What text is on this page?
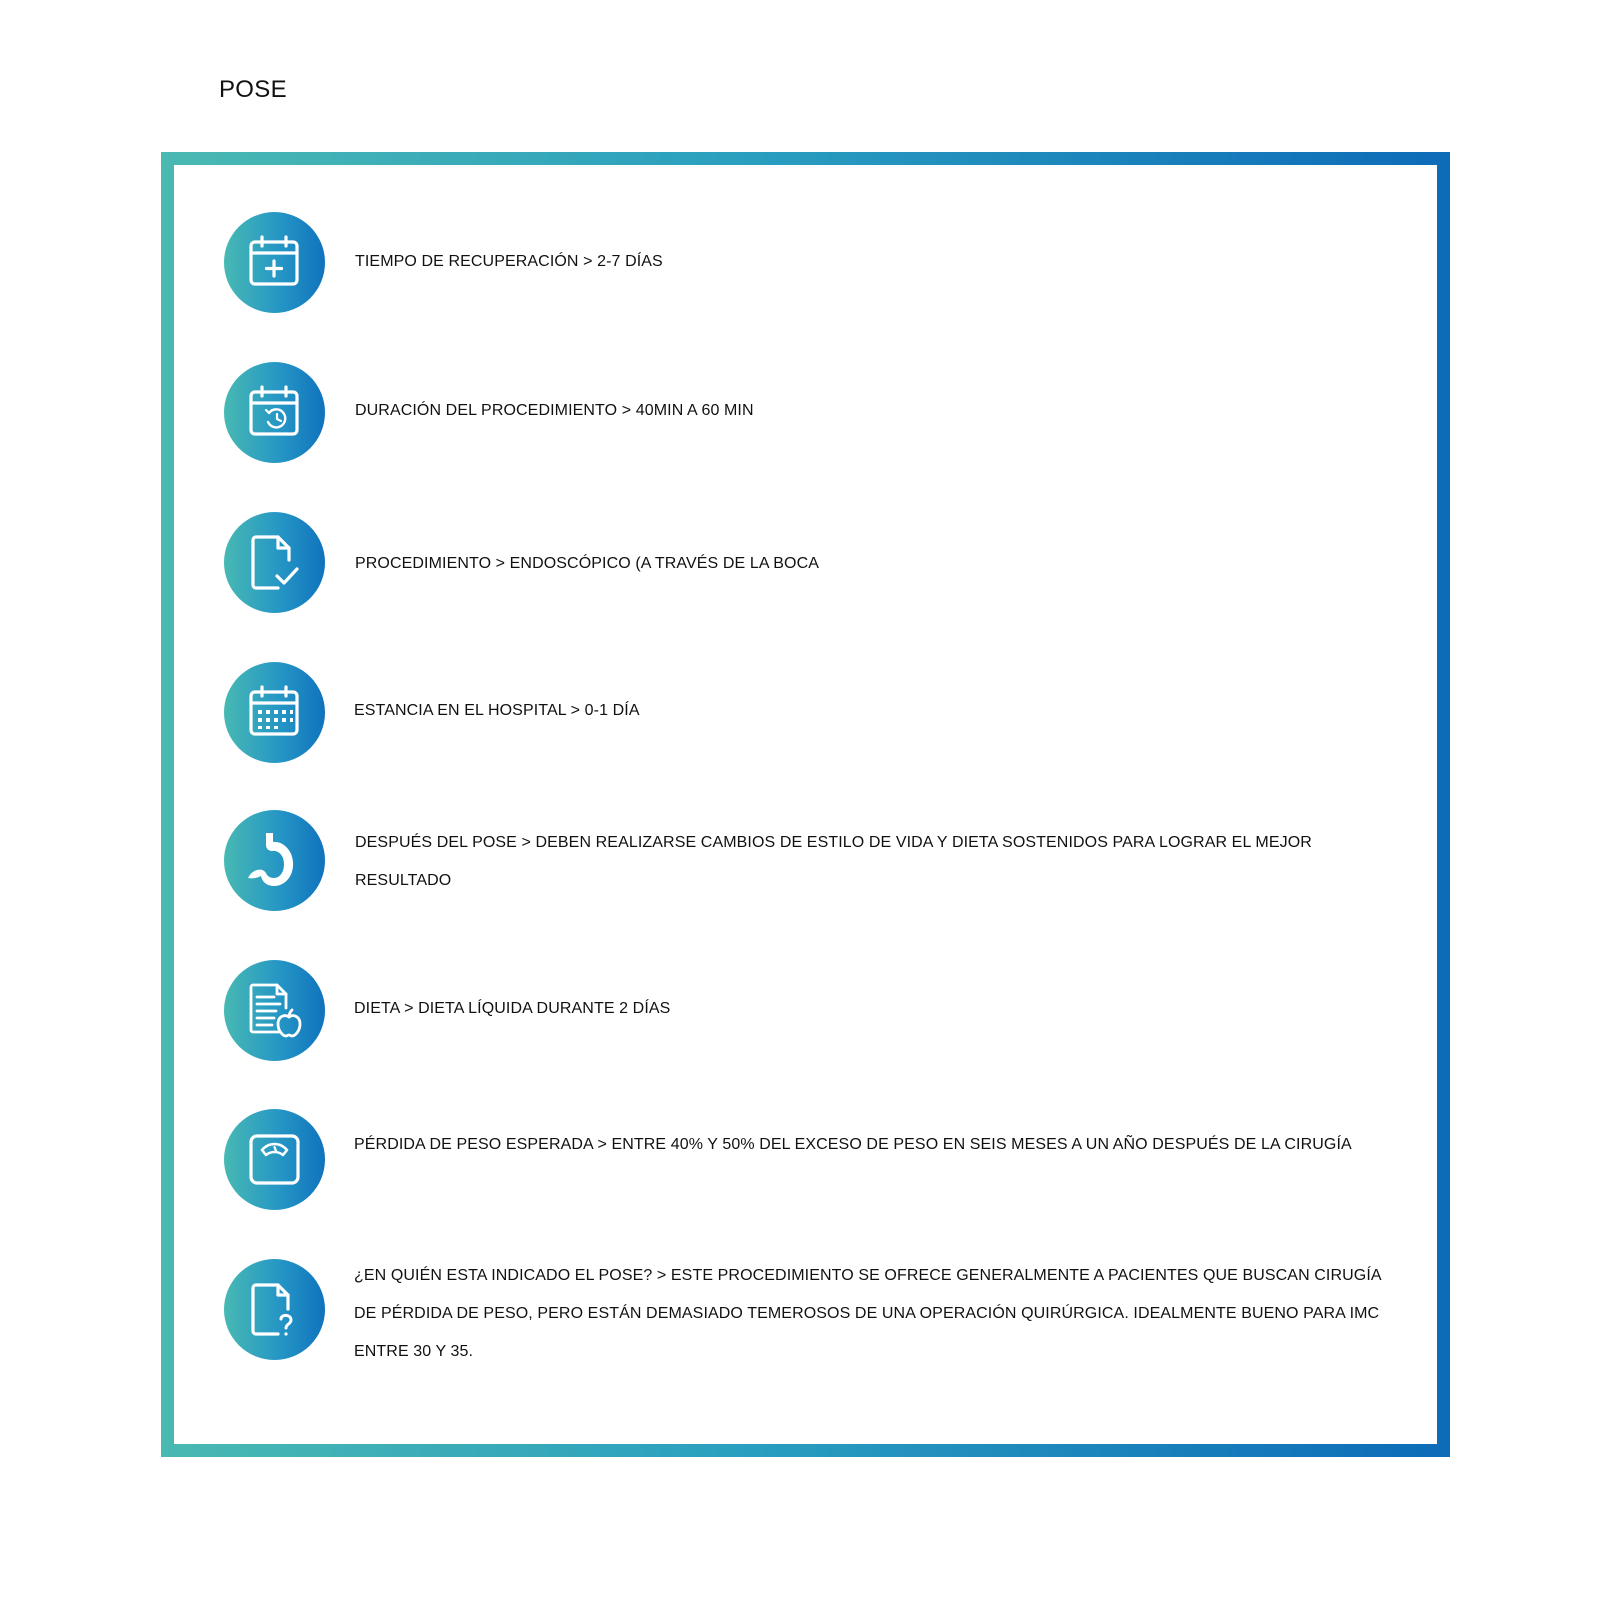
POSE
TIEMPO DE RECUPERACIÓN > 2-7 DÍAS
DURACIÓN DEL PROCEDIMIENTO > 40MIN A 60 MIN
PROCEDIMIENTO > ENDOSCÓPICO (A TRAVÉS DE LA BOCA
ESTANCIA EN EL HOSPITAL > 0-1 DÍA
DESPUÉS DEL POSE > DEBEN REALIZARSE CAMBIOS DE ESTILO DE VIDA Y DIETA SOSTENIDOS PARA LOGRAR EL MEJOR RESULTADO
DIETA > DIETA LÍQUIDA DURANTE 2 DÍAS
PÉRDIDA DE PESO ESPERADA > ENTRE 40% Y 50% DEL EXCESO DE PESO EN SEIS MESES A UN AÑO DESPUÉS DE LA CIRUGÍA
¿EN QUIÉN ESTA INDICADO EL POSE? > ESTE PROCEDIMIENTO SE OFRECE GENERALMENTE A PACIENTES QUE BUSCAN CIRUGÍA DE PÉRDIDA DE PESO, PERO ESTÁN DEMASIADO TEMEROSOS DE UNA OPERACIÓN QUIRÚRGICA. IDEALMENTE BUENO PARA IMC ENTRE 30 Y 35.
